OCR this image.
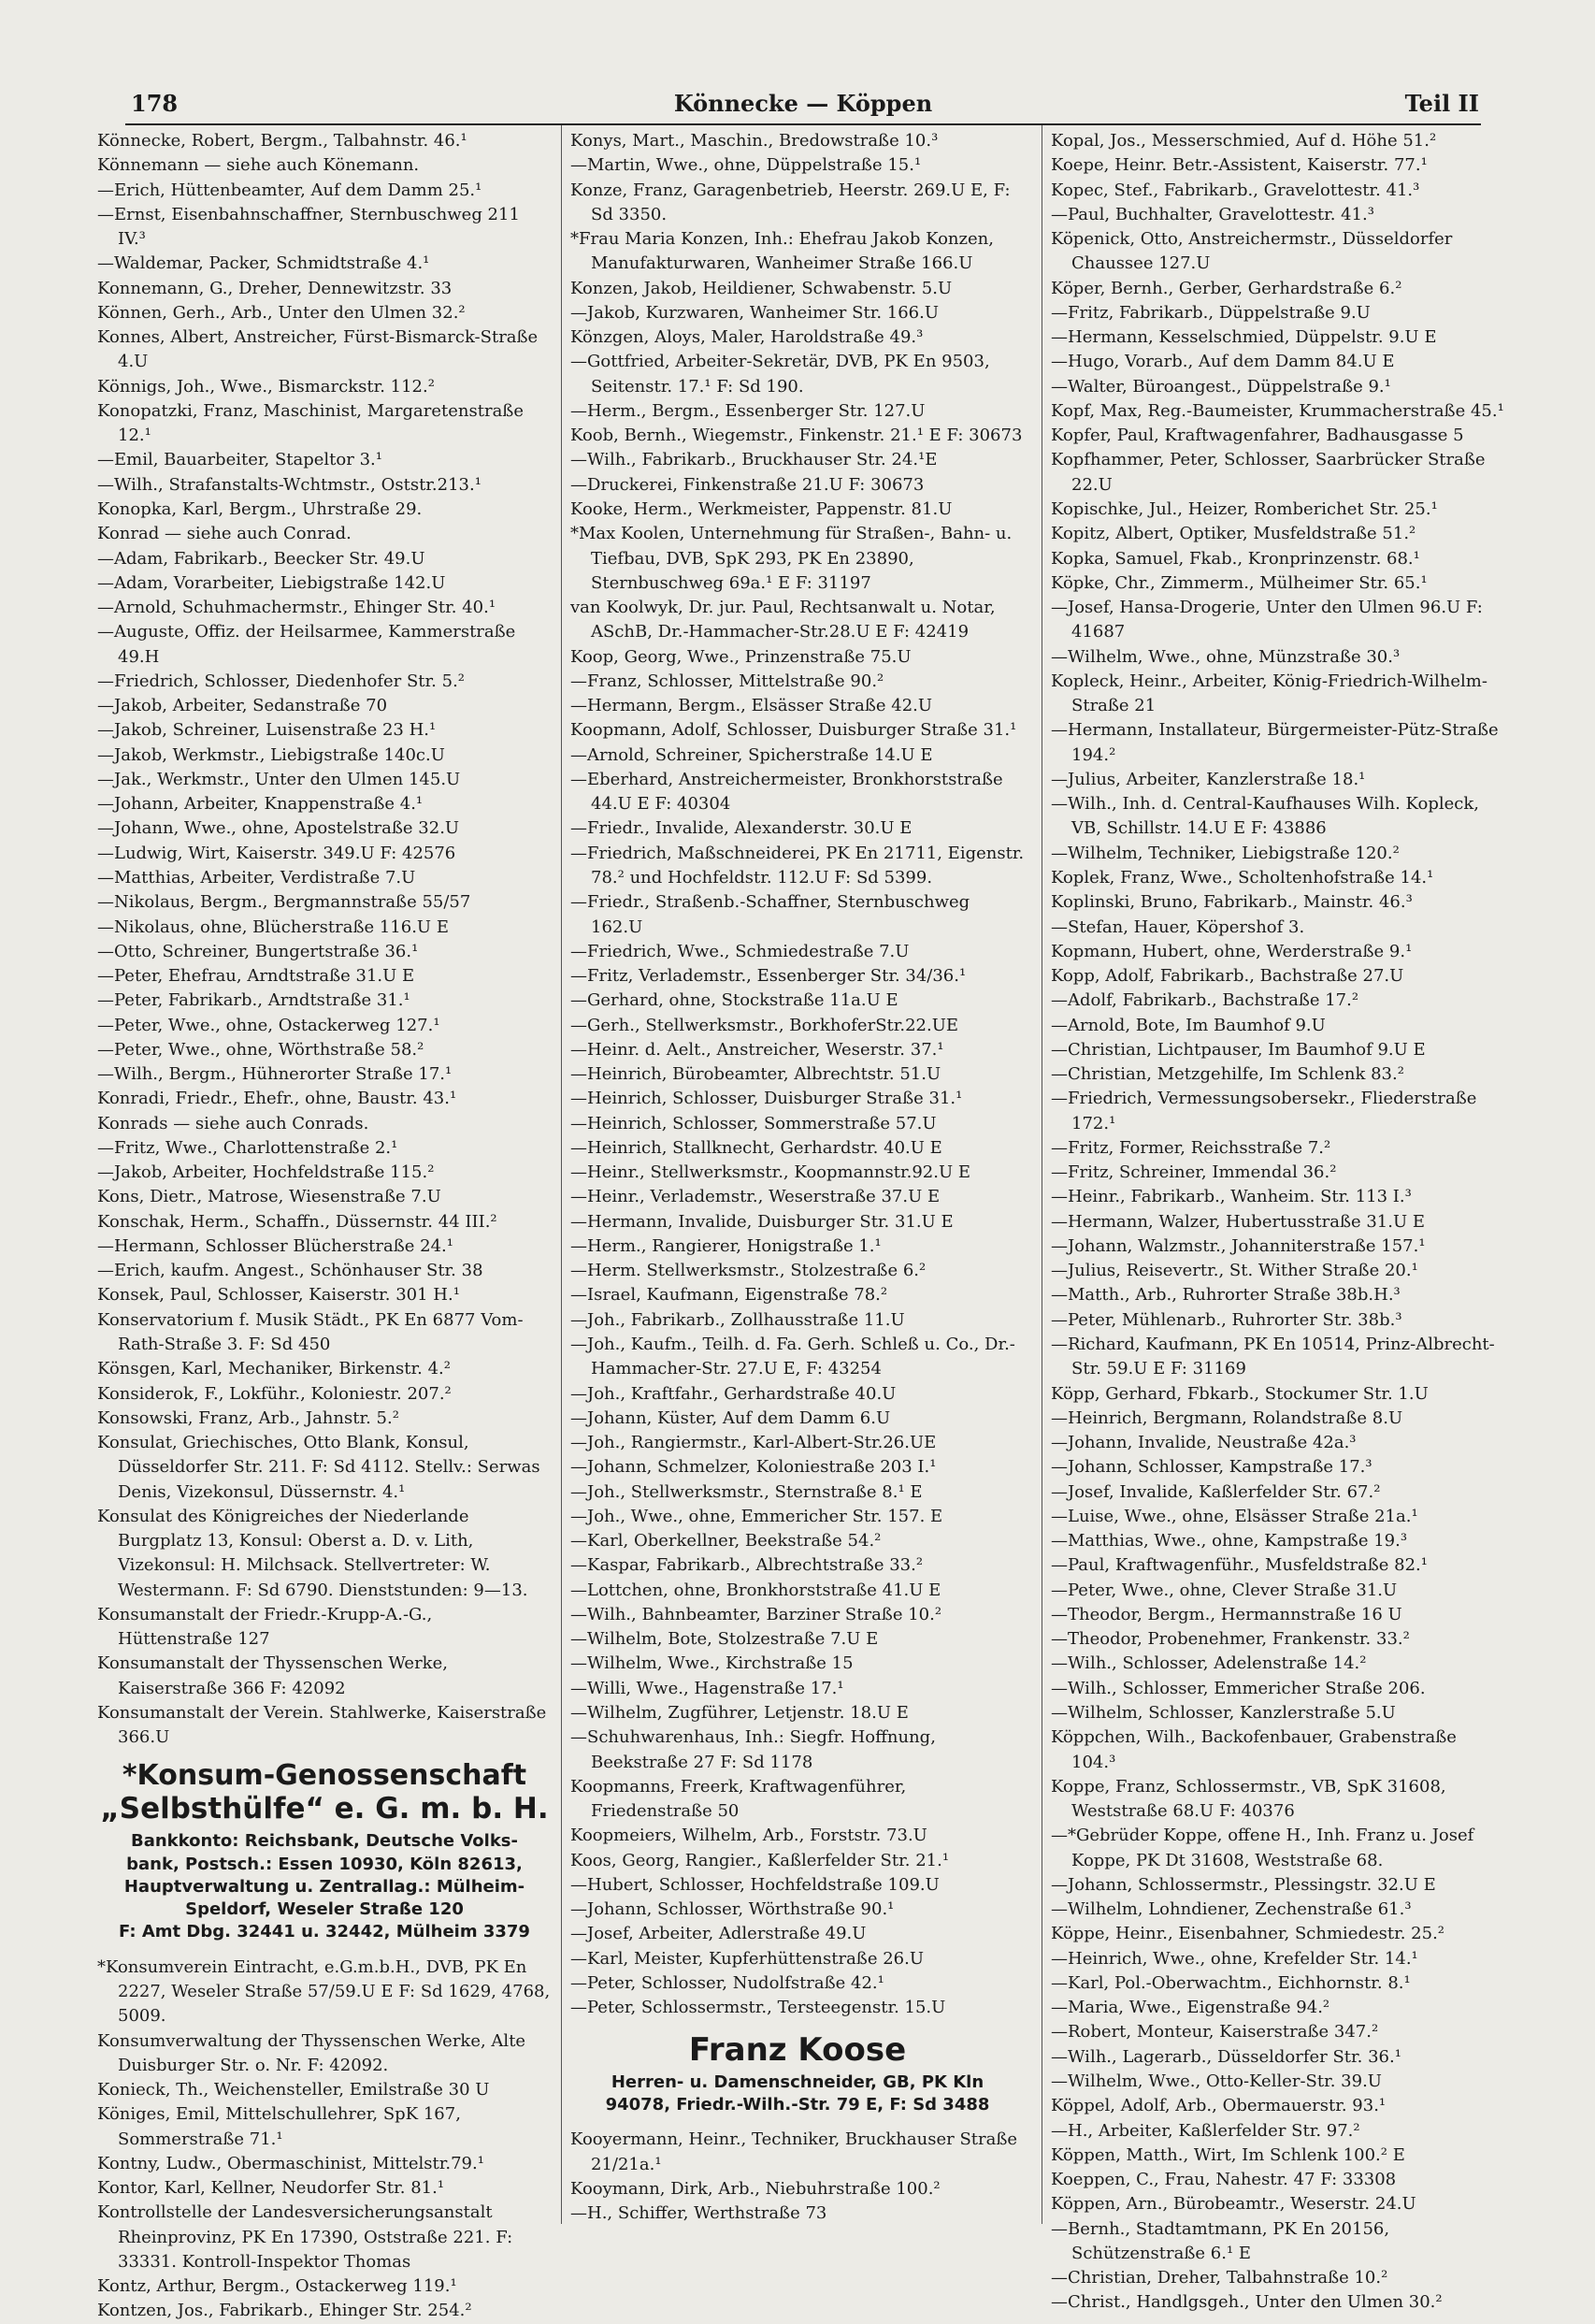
178	Könnecke — Köppen	Teil II

Könnecke, Robert, Bergm., Talbahnstr. 46.¹

Könnemann — siehe auch Könemann.

—Erich, Hüttenbeamter, Auf dem Damm 25.¹

—Ernst, Eisenbahnschaffner, Sternbuschweg 211 IV.³

—Waldemar, Packer, Schmidtstraße 4.¹

Konnemann, G., Dreher, Dennewitzstr. 33

Können, Gerh., Arb., Unter den Ulmen 32.²

Konnes, Albert, Anstreicher, Fürst-Bismarck-Straße 4.U

Könnigs, Joh., Wwe., Bismarckstr. 112.²

Konopatzki, Franz, Maschinist, Margaretenstraße 12.¹

—Emil, Bauarbeiter, Stapeltor 3.¹

—Wilh., Strafanstalts-Wchtmstr., Oststr.213.¹

Konopka, Karl, Bergm., Uhrstraße 29.

Konrad — siehe auch Conrad.

—Adam, Fabrikarb., Beecker Str. 49.U

—Adam, Vorarbeiter, Liebigstraße 142.U

—Arnold, Schuhmachermstr., Ehinger Str. 40.¹

—Auguste, Offiz. der Heilsarmee, Kammerstraße 49.H

—Friedrich, Schlosser, Diedenhofer Str. 5.²

—Jakob, Arbeiter, Sedanstraße 70

—Jakob, Schreiner, Luisenstraße 23 H.¹

—Jakob, Werkmstr., Liebigstraße 140c.U

—Jak., Werkmstr., Unter den Ulmen 145.U

—Johann, Arbeiter, Knappenstraße 4.¹

—Johann, Wwe., ohne, Apostelstraße 32.U

—Ludwig, Wirt, Kaiserstr. 349.U F: 42576

—Matthias, Arbeiter, Verdistraße 7.U

—Nikolaus, Bergm., Bergmannstraße 55/57

—Nikolaus, ohne, Blücherstraße 116.U E

—Otto, Schreiner, Bungertstraße 36.¹

—Peter, Ehefrau, Arndtstraße 31.U E

—Peter, Fabrikarb., Arndtstraße 31.¹

—Peter, Wwe., ohne, Ostackerweg 127.¹

—Peter, Wwe., ohne, Wörthstraße 58.²

—Wilh., Bergm., Hühnerorter Straße 17.¹

Konradi, Friedr., Ehefr., ohne, Baustr. 43.¹

Konrads — siehe auch Conrads.

—Fritz, Wwe., Charlottenstraße 2.¹

—Jakob, Arbeiter, Hochfeldstraße 115.²

Kons, Dietr., Matrose, Wiesenstraße 7.U

Konschak, Herm., Schaffn., Düssernstr. 44 III.²

—Hermann, Schlosser Blücherstraße 24.¹

—Erich, kaufm. Angest., Schönhauser Str. 38

Konsek, Paul, Schlosser, Kaiserstr. 301 H.¹

Konservatorium f. Musik Städt., PK En 6877 Vom-Rath-Straße 3. F: Sd 450

Könsgen, Karl, Mechaniker, Birkenstr. 4.²

Konsiderok, F., Lokführ., Koloniestr. 207.²

Konsowski, Franz, Arb., Jahnstr. 5.²

Konsulat, Griechisches, Otto Blank, Konsul, Düsseldorfer Str. 211. F: Sd 4112. Stellv.: Serwas Denis, Vizekonsul, Düssernstr. 4.¹

Konsulat des Königreiches der Niederlande Burgplatz 13, Konsul: Oberst a. D. v. Lith, Vizekonsul: H. Milchsack. Stellvertreter: W. Westermann. F: Sd 6790. Dienststunden: 9—13.

Konsumanstalt der Friedr.-Krupp-A.-G., Hüttenstraße 127

Konsumanstalt der Thyssenschen Werke, Kaiserstraße 366 F: 42092

Konsumanstalt der Verein. Stahlwerke, Kaiserstraße 366.U

*Konsum-Genossenschaft
„Selbsthülfe“ e. G. m. b. H.
Bankkonto: Reichsbank, Deutsche Volks-
bank, Postsch.: Essen 10930, Köln 82613,
Hauptverwaltung u. Zentrallag.: Mülheim-
Speldorf, Weseler Straße 120
F: Amt Dbg. 32441 u. 32442, Mülheim 3379

*Konsumverein Eintracht, e.G.m.b.H., DVB, PK En 2227, Weseler Straße 57/59.U E F: Sd 1629, 4768, 5009.

Konsumverwaltung der Thyssenschen Werke, Alte Duisburger Str. o. Nr. F: 42092.

Konieck, Th., Weichensteller, Emilstraße 30 U

Königes, Emil, Mittelschullehrer, SpK 167, Sommerstraße 71.¹

Kontny, Ludw., Obermaschinist, Mittelstr.79.¹

Kontor, Karl, Kellner, Neudorfer Str. 81.¹

Kontrollstelle der Landesversicherungsanstalt Rheinprovinz, PK En 17390, Oststraße 221. F: 33331. Kontroll-Inspektor Thomas

Kontz, Arthur, Bergm., Ostackerweg 119.¹

Kontzen, Jos., Fabrikarb., Ehinger Str. 254.²

Konys, Mart., Maschin., Bredowstraße 10.³

—Martin, Wwe., ohne, Düppelstraße 15.¹

Konze, Franz, Garagenbetrieb, Heerstr. 269.U E, F: Sd 3350.

*Frau Maria Konzen, Inh.: Ehefrau Jakob Konzen, Manufakturwaren, Wanheimer Straße 166.U

Konzen, Jakob, Heildiener, Schwabenstr. 5.U

—Jakob, Kurzwaren, Wanheimer Str. 166.U

Könzgen, Aloys, Maler, Haroldstraße 49.³

—Gottfried, Arbeiter-Sekretär, DVB, PK En 9503, Seitenstr. 17.¹ F: Sd 190.

—Herm., Bergm., Essenberger Str. 127.U

Koob, Bernh., Wiegemstr., Finkenstr. 21.¹ E F: 30673

—Wilh., Fabrikarb., Bruckhauser Str. 24.¹E

—Druckerei, Finkenstraße 21.U F: 30673

Kooke, Herm., Werkmeister, Pappenstr. 81.U

*Max Koolen, Unternehmung für Straßen-, Bahn- u. Tiefbau, DVB, SpK 293, PK En 23890, Sternbuschweg 69a.¹ E F: 31197

van Koolwyk, Dr. jur. Paul, Rechtsanwalt u. Notar, ASchB, Dr.-Hammacher-Str.28.U E F: 42419

Koop, Georg, Wwe., Prinzenstraße 75.U

—Franz, Schlosser, Mittelstraße 90.²

—Hermann, Bergm., Elsässer Straße 42.U

Koopmann, Adolf, Schlosser, Duisburger Straße 31.¹

—Arnold, Schreiner, Spicherstraße 14.U E

—Eberhard, Anstreichermeister, Bronkhorststraße 44.U E F: 40304

—Friedr., Invalide, Alexanderstr. 30.U E

—Friedrich, Maßschneiderei, PK En 21711, Eigenstr. 78.² und Hochfeldstr. 112.U F: Sd 5399.

—Friedr., Straßenb.-Schaffner, Sternbuschweg 162.U

—Friedrich, Wwe., Schmiedestraße 7.U

—Fritz, Verlademstr., Essenberger Str. 34/36.¹

—Gerhard, ohne, Stockstraße 11a.U E

—Gerh., Stellwerksmstr., BorkhoferStr.22.UE

—Heinr. d. Aelt., Anstreicher, Weserstr. 37.¹

—Heinrich, Bürobeamter, Albrechtstr. 51.U

—Heinrich, Schlosser, Duisburger Straße 31.¹

—Heinrich, Schlosser, Sommerstraße 57.U

—Heinrich, Stallknecht, Gerhardstr. 40.U E

—Heinr., Stellwerksmstr., Koopmannstr.92.U E

—Heinr., Verlademstr., Weserstraße 37.U E

—Hermann, Invalide, Duisburger Str. 31.U E

—Herm., Rangierer, Honigstraße 1.¹

—Herm. Stellwerksmstr., Stolzestraße 6.²

—Israel, Kaufmann, Eigenstraße 78.²

—Joh., Fabrikarb., Zollhausstraße 11.U

—Joh., Kaufm., Teilh. d. Fa. Gerh. Schleß u. Co., Dr.-Hammacher-Str. 27.U E, F: 43254

—Joh., Kraftfahr., Gerhardstraße 40.U

—Johann, Küster, Auf dem Damm 6.U

—Joh., Rangiermstr., Karl-Albert-Str.26.UE

—Johann, Schmelzer, Koloniestraße 203 I.¹

—Joh., Stellwerksmstr., Sternstraße 8.¹ E

—Joh., Wwe., ohne, Emmericher Str. 157. E

—Karl, Oberkellner, Beekstraße 54.²

—Kaspar, Fabrikarb., Albrechtstraße 33.²

—Lottchen, ohne, Bronkhorststraße 41.U E

—Wilh., Bahnbeamter, Barziner Straße 10.²

—Wilhelm, Bote, Stolzestraße 7.U E

—Wilhelm, Wwe., Kirchstraße 15

—Willi, Wwe., Hagenstraße 17.¹

—Wilhelm, Zugführer, Letjenstr. 18.U E

—Schuhwarenhaus, Inh.: Siegfr. Hoffnung, Beekstraße 27 F: Sd 1178

Koopmanns, Freerk, Kraftwagenführer, Friedenstraße 50

Koopmeiers, Wilhelm, Arb., Forststr. 73.U

Koos, Georg, Rangier., Kaßlerfelder Str. 21.¹

—Hubert, Schlosser, Hochfeldstraße 109.U

—Johann, Schlosser, Wörthstraße 90.¹

—Josef, Arbeiter, Adlerstraße 49.U

—Karl, Meister, Kupferhüttenstraße 26.U

—Peter, Schlosser, Nudolfstraße 42.¹

—Peter, Schlossermstr., Tersteegenstr. 15.U

Franz Koose
Herren- u. Damenschneider, GB, PK Kln
94078, Friedr.-Wilh.-Str. 79 E, F: Sd 3488

Kooyermann, Heinr., Techniker, Bruckhauser Straße 21/21a.¹

Kooymann, Dirk, Arb., Niebuhrstraße 100.²

—H., Schiffer, Werthstraße 73

Kopal, Jos., Messerschmied, Auf d. Höhe 51.²

Koepe, Heinr. Betr.-Assistent, Kaiserstr. 77.¹

Kopec, Stef., Fabrikarb., Gravelottestr. 41.³

—Paul, Buchhalter, Gravelottestr. 41.³

Köpenick, Otto, Anstreichermstr., Düsseldorfer Chaussee 127.U

Köper, Bernh., Gerber, Gerhardstraße 6.²

—Fritz, Fabrikarb., Düppelstraße 9.U

—Hermann, Kesselschmied, Düppelstr. 9.U E

—Hugo, Vorarb., Auf dem Damm 84.U E

—Walter, Büroangest., Düppelstraße 9.¹

Kopf, Max, Reg.-Baumeister, Krummacherstraße 45.¹

Kopfer, Paul, Kraftwagenfahrer, Badhausgasse 5

Kopfhammer, Peter, Schlosser, Saarbrücker Straße 22.U

Kopischke, Jul., Heizer, Romberichet Str. 25.¹

Kopitz, Albert, Optiker, Musfeldstraße 51.²

Kopka, Samuel, Fkab., Kronprinzenstr. 68.¹

Köpke, Chr., Zimmerm., Mülheimer Str. 65.¹

—Josef, Hansa-Drogerie, Unter den Ulmen 96.U F: 41687

—Wilhelm, Wwe., ohne, Münzstraße 30.³

Kopleck, Heinr., Arbeiter, König-Friedrich-Wilhelm-Straße 21

—Hermann, Installateur, Bürgermeister-Pütz-Straße 194.²

—Julius, Arbeiter, Kanzlerstraße 18.¹

—Wilh., Inh. d. Central-Kaufhauses Wilh. Kopleck, VB, Schillstr. 14.U E F: 43886

—Wilhelm, Techniker, Liebigstraße 120.²

Koplek, Franz, Wwe., Scholtenhofstraße 14.¹

Koplinski, Bruno, Fabrikarb., Mainstr. 46.³

—Stefan, Hauer, Köpershof 3.

Kopmann, Hubert, ohne, Werderstraße 9.¹

Kopp, Adolf, Fabrikarb., Bachstraße 27.U

—Adolf, Fabrikarb., Bachstraße 17.²

—Arnold, Bote, Im Baumhof 9.U

—Christian, Lichtpauser, Im Baumhof 9.U E

—Christian, Metzgehilfe, Im Schlenk 83.²

—Friedrich, Vermessungsobersekr., Fliederstraße 172.¹

—Fritz, Former, Reichsstraße 7.²

—Fritz, Schreiner, Immendal 36.²

—Heinr., Fabrikarb., Wanheim. Str. 113 I.³

—Hermann, Walzer, Hubertusstraße 31.U E

—Johann, Walzmstr., Johanniterstraße 157.¹

—Julius, Reisevertr., St. Wither Straße 20.¹

—Matth., Arb., Ruhrorter Straße 38b.H.³

—Peter, Mühlenarb., Ruhrorter Str. 38b.³

—Richard, Kaufmann, PK En 10514, Prinz-Albrecht-Str. 59.U E F: 31169

Köpp, Gerhard, Fbkarb., Stockumer Str. 1.U

—Heinrich, Bergmann, Rolandstraße 8.U

—Johann, Invalide, Neustraße 42a.³

—Johann, Schlosser, Kampstraße 17.³

—Josef, Invalide, Kaßlerfelder Str. 67.²

—Luise, Wwe., ohne, Elsässer Straße 21a.¹

—Matthias, Wwe., ohne, Kampstraße 19.³

—Paul, Kraftwagenführ., Musfeldstraße 82.¹

—Peter, Wwe., ohne, Clever Straße 31.U

—Theodor, Bergm., Hermannstraße 16 U

—Theodor, Probenehmer, Frankenstr. 33.²

—Wilh., Schlosser, Adelenstraße 14.²

—Wilh., Schlosser, Emmericher Straße 206.

—Wilhelm, Schlosser, Kanzlerstraße 5.U

Köppchen, Wilh., Backofenbauer, Grabenstraße 104.³

Koppe, Franz, Schlossermstr., VB, SpK 31608, Weststraße 68.U F: 40376

—*Gebrüder Koppe, offene H., Inh. Franz u. Josef Koppe, PK Dt 31608, Weststraße 68.

—Johann, Schlossermstr., Plessingstr. 32.U E

—Wilhelm, Lohndiener, Zechenstraße 61.³

Köppe, Heinr., Eisenbahner, Schmiedestr. 25.²

—Heinrich, Wwe., ohne, Krefelder Str. 14.¹

—Karl, Pol.-Oberwachtm., Eichhornstr. 8.¹

—Maria, Wwe., Eigenstraße 94.²

—Robert, Monteur, Kaiserstraße 347.²

—Wilh., Lagerarb., Düsseldorfer Str. 36.¹

—Wilhelm, Wwe., Otto-Keller-Str. 39.U

Köppel, Adolf, Arb., Obermauerstr. 93.¹

—H., Arbeiter, Kaßlerfelder Str. 97.²

Köppen, Matth., Wirt, Im Schlenk 100.² E

Koeppen, C., Frau, Nahestr. 47 F: 33308

Köppen, Arn., Bürobeamtr., Weserstr. 24.U

—Bernh., Stadtamtmann, PK En 20156, Schützenstraße 6.¹ E

—Christian, Dreher, Talbahnstraße 10.²

—Christ., Handlgsgeh., Unter den Ulmen 30.²
